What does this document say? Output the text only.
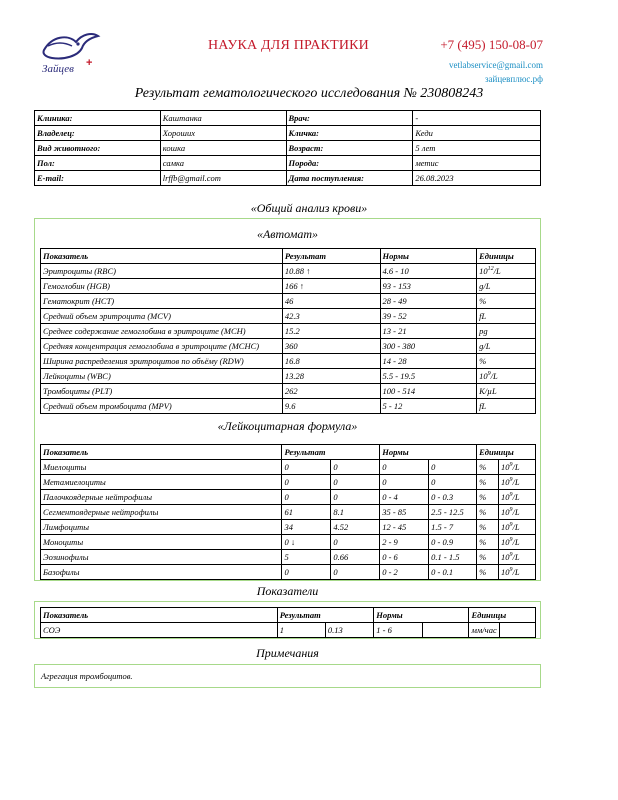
Зайцев +
НАУКА ДЛЯ ПРАКТИКИ	+7 (495) 150-08-07
vetlabservice@gmail.com
зайцевплюс.рф
Результат гематологического исследования № 230808243
Клиника:	Каштанка	Врач:	-
Владелец:	Хороших	Кличка:	Кеди
Вид животного:	кошка	Возраст:	5 лет
Пол:	самка	Порода:	метис
E-mail:	lrffb@gmail.com	Дата поступления:	26.08.2023
«Общий анализ крови»
«Автомат»
Показатель	Результат	Нормы	Единицы
Эритроциты (RBC)	10.88 ↑	4.6 - 10	$10^{12}/L$
Гемоглобин (HGB)	166 ↑	93 - 153	g/L
Гематокрит (HCT)	46	28 - 49	%
Средний объем эритроцита (MCV)	42.3	39 - 52	fL
Среднее содержание гемоглобина в эритроците (MCH)	15.2	13 - 21	pg
Средняя концентрация гемоглобина в эритроците (MCHC)	360	300 - 380	g/L
Ширина распределения эритроцитов по объёму (RDW)	16.8	14 - 28	%
Лейкоциты (WBC)	13.28	5.5 - 19.5	$10^9/L$
Тромбоциты (PLT)	262	100 - 514	K/µL
Средний объем тромбоцита (MPV)	9.6	5 - 12	fL
«Лейкоцитарная формула»
Показатель	Результат		Нормы		Единицы	
Миелоциты	0	0	0	0	%	$10^9/L$
Метамиелоциты	0	0	0	0	%	$10^9/L$
Палочкоядерные нейтрофилы	0	0	0 - 4	0 - 0.3	%	$10^9/L$
Сегментоядерные нейтрофилы	61	8.1	35 - 85	2.5 - 12.5	%	$10^9/L$
Лимфоциты	34	4.52	12 - 45	1.5 - 7	%	$10^9/L$
Моноциты	0 ↓	0	2 - 9	0 - 0.9	%	$10^9/L$
Эозинофилы	5	0.66	0 - 6	0.1 - 1.5	%	$10^9/L$
Базофилы	0	0	0 - 2	0 - 0.1	%	$10^9/L$
Показатели
Показатель	Результат		Нормы		Единицы	
СОЭ	1	0.13	1 - 6		мм/час	
Примечания
Агрегация тромбоцитов.
